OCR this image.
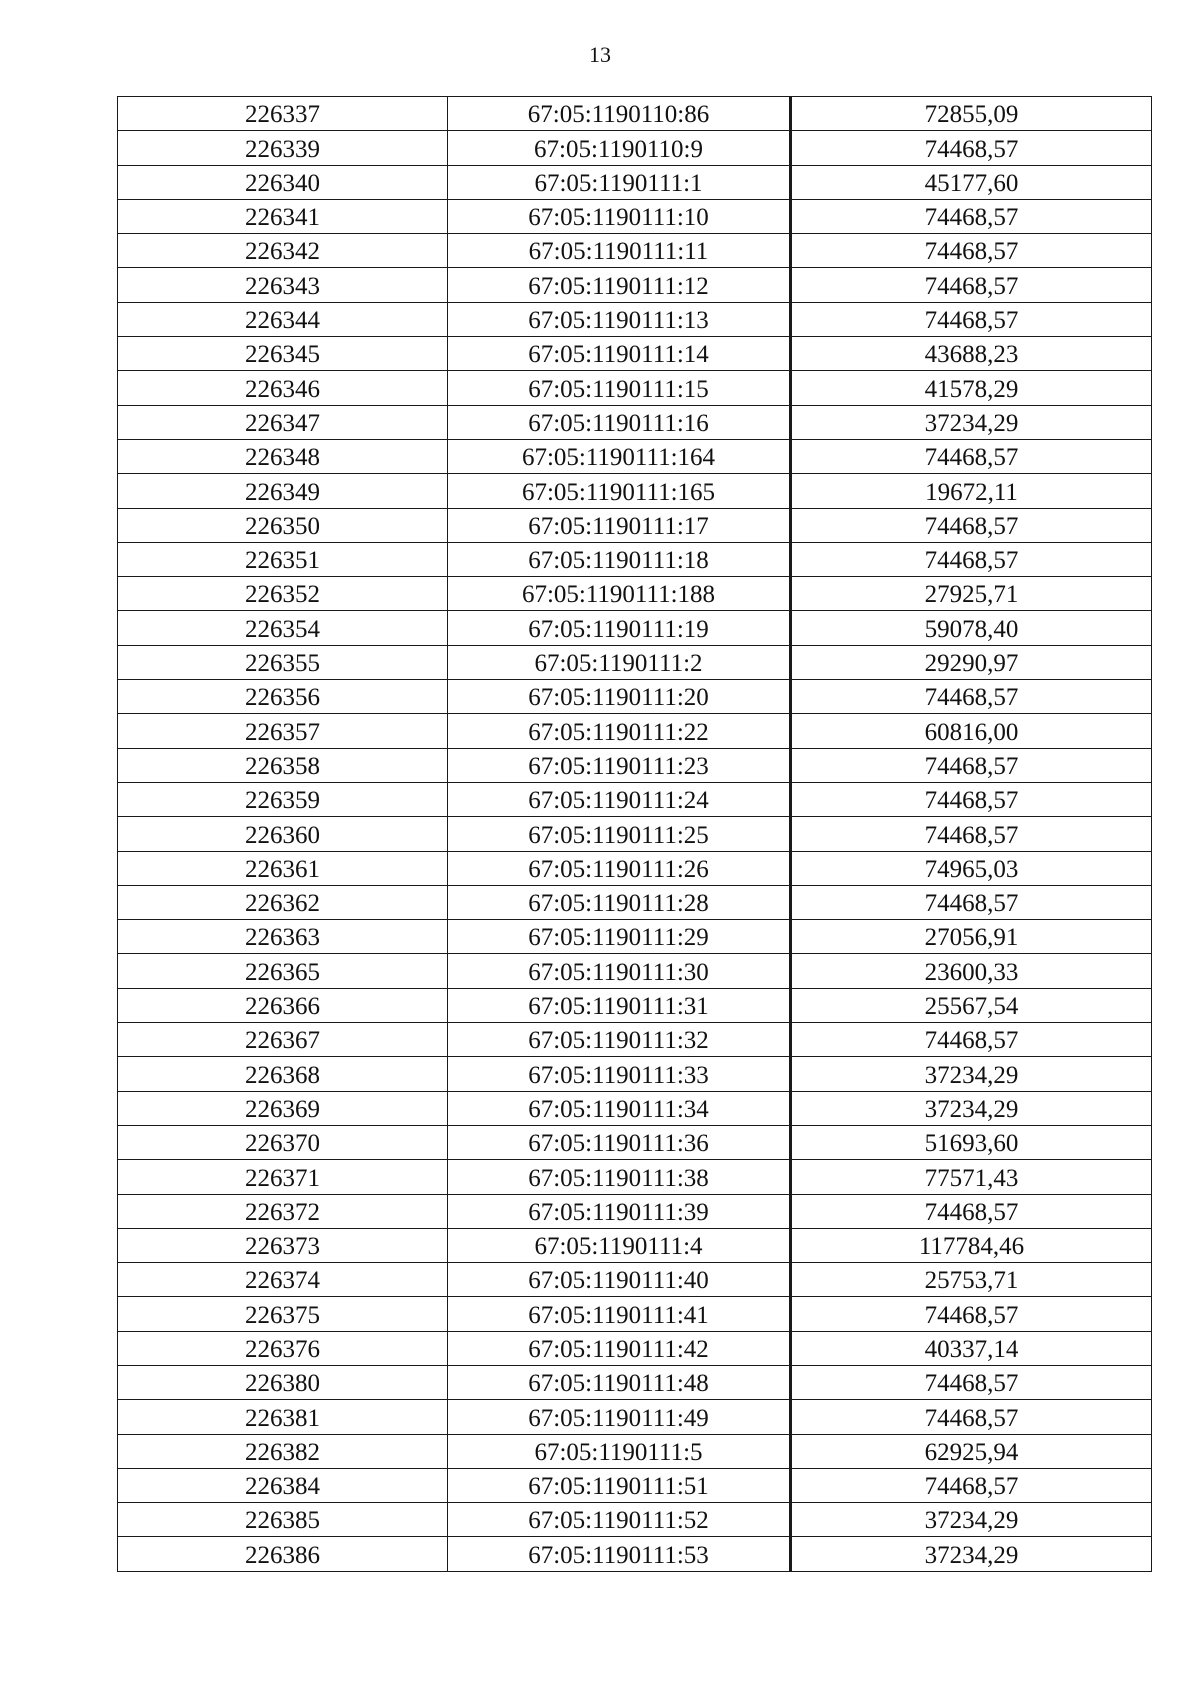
13
226337	67:05:1190110:86	72855,09
226339	67:05:1190110:9	74468,57
226340	67:05:1190111:1	45177,60
226341	67:05:1190111:10	74468,57
226342	67:05:1190111:11	74468,57
226343	67:05:1190111:12	74468,57
226344	67:05:1190111:13	74468,57
226345	67:05:1190111:14	43688,23
226346	67:05:1190111:15	41578,29
226347	67:05:1190111:16	37234,29
226348	67:05:1190111:164	74468,57
226349	67:05:1190111:165	19672,11
226350	67:05:1190111:17	74468,57
226351	67:05:1190111:18	74468,57
226352	67:05:1190111:188	27925,71
226354	67:05:1190111:19	59078,40
226355	67:05:1190111:2	29290,97
226356	67:05:1190111:20	74468,57
226357	67:05:1190111:22	60816,00
226358	67:05:1190111:23	74468,57
226359	67:05:1190111:24	74468,57
226360	67:05:1190111:25	74468,57
226361	67:05:1190111:26	74965,03
226362	67:05:1190111:28	74468,57
226363	67:05:1190111:29	27056,91
226365	67:05:1190111:30	23600,33
226366	67:05:1190111:31	25567,54
226367	67:05:1190111:32	74468,57
226368	67:05:1190111:33	37234,29
226369	67:05:1190111:34	37234,29
226370	67:05:1190111:36	51693,60
226371	67:05:1190111:38	77571,43
226372	67:05:1190111:39	74468,57
226373	67:05:1190111:4	117784,46
226374	67:05:1190111:40	25753,71
226375	67:05:1190111:41	74468,57
226376	67:05:1190111:42	40337,14
226380	67:05:1190111:48	74468,57
226381	67:05:1190111:49	74468,57
226382	67:05:1190111:5	62925,94
226384	67:05:1190111:51	74468,57
226385	67:05:1190111:52	37234,29
226386	67:05:1190111:53	37234,29
